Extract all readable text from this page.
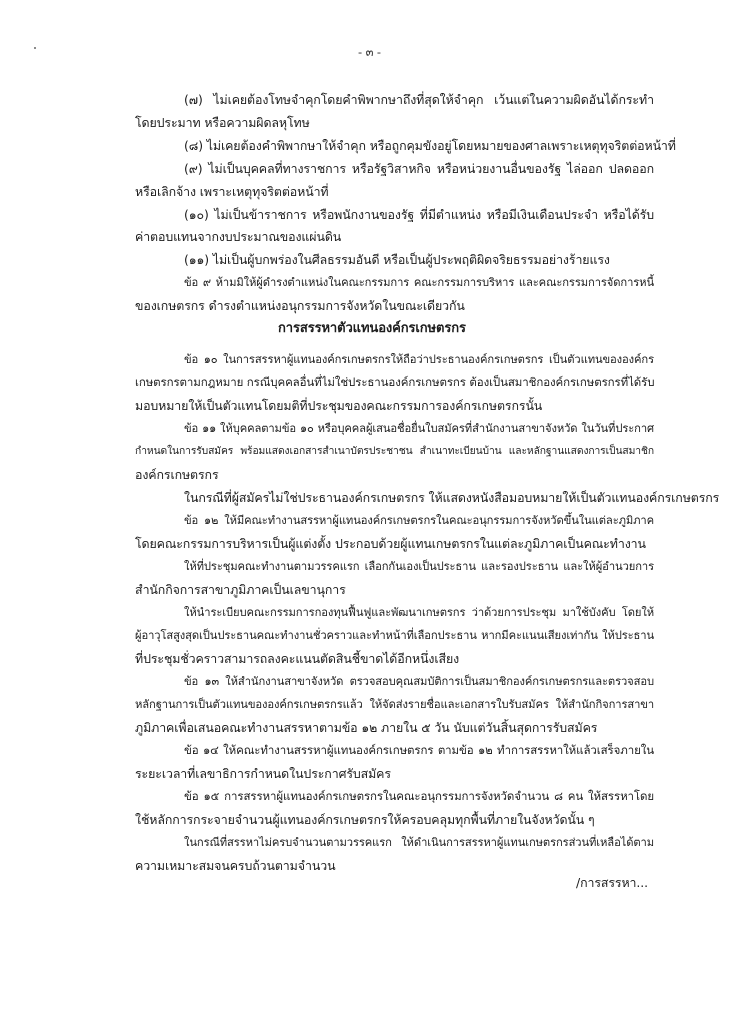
- ๓ -
(๗) ไม่เคยต้องโทษจำคุกโดยคำพิพากษาถึงที่สุดให้จำคุก เว้นแต่ในความผิดอันได้กระทำ
โดยประมาท หรือความผิดลหุโทษ
(๘) ไม่เคยต้องคำพิพากษาให้จำคุก หรือถูกคุมขังอยู่โดยหมายของศาลเพราะเหตุทุจริตต่อหน้าที่
(๙) ไม่เป็นบุคคลที่ทางราชการ หรือรัฐวิสาหกิจ หรือหน่วยงานอื่นของรัฐ ไล่ออก ปลดออก
หรือเลิกจ้าง เพราะเหตุทุจริตต่อหน้าที่
(๑๐) ไม่เป็นข้าราชการ หรือพนักงานของรัฐ ที่มีตำแหน่ง หรือมีเงินเดือนประจำ หรือได้รับ
ค่าตอบแทนจากงบประมาณของแผ่นดิน
(๑๑) ไม่เป็นผู้บกพร่องในศีลธรรมอันดี หรือเป็นผู้ประพฤติผิดจริยธรรมอย่างร้ายแรง
ข้อ ๙ ห้ามมิให้ผู้ดำรงตำแหน่งในคณะกรรมการ คณะกรรมการบริหาร และคณะกรรมการจัดการหนี้
ของเกษตรกร ดำรงตำแหน่งอนุกรรมการจังหวัดในขณะเดียวกัน
การสรรหาตัวแทนองค์กรเกษตรกร
ข้อ ๑๐ ในการสรรหาผู้แทนองค์กรเกษตรกรให้ถือว่าประธานองค์กรเกษตรกร เป็นตัวแทนขององค์กร
เกษตรกรตามกฎหมาย กรณีบุคคลอื่นที่ไม่ใช่ประธานองค์กรเกษตรกร ต้องเป็นสมาชิกองค์กรเกษตรกรที่ได้รับ
มอบหมายให้เป็นตัวแทนโดยมติที่ประชุมของคณะกรรมการองค์กรเกษตรกรนั้น
ข้อ ๑๑ ให้บุคคลตามข้อ ๑๐ หรือบุคคลผู้เสนอชื่อยื่นใบสมัครที่สำนักงานสาขาจังหวัด ในวันที่ประกาศ
กำหนดในการรับสมัคร พร้อมแสดงเอกสารสำเนาบัตรประชาชน สำเนาทะเบียนบ้าน และหลักฐานแสดงการเป็นสมาชิก
องค์กรเกษตรกร
ในกรณีที่ผู้สมัครไม่ใช่ประธานองค์กรเกษตรกร ให้แสดงหนังสือมอบหมายให้เป็นตัวแทนองค์กรเกษตรกร
ข้อ ๑๒ ให้มีคณะทำงานสรรหาผู้แทนองค์กรเกษตรกรในคณะอนุกรรมการจังหวัดขึ้นในแต่ละภูมิภาค
โดยคณะกรรมการบริหารเป็นผู้แต่งตั้ง ประกอบด้วยผู้แทนเกษตรกรในแต่ละภูมิภาคเป็นคณะทำงาน
ให้ที่ประชุมคณะทำงานตามวรรคแรก เลือกกันเองเป็นประธาน และรองประธาน และให้ผู้อำนวยการ
สำนักกิจการสาขาภูมิภาคเป็นเลขานุการ
ให้นำระเบียบคณะกรรมการกองทุนฟื้นฟูและพัฒนาเกษตรกร ว่าด้วยการประชุม มาใช้บังคับ โดยให้
ผู้อาวุโสสูงสุดเป็นประธานคณะทำงานชั่วคราวและทำหน้าที่เลือกประธาน หากมีคะแนนเสียงเท่ากัน ให้ประธาน
ที่ประชุมชั่วคราวสามารถลงคะแนนตัดสินชี้ขาดได้อีกหนึ่งเสียง
ข้อ ๑๓ ให้สำนักงานสาขาจังหวัด ตรวจสอบคุณสมบัติการเป็นสมาชิกองค์กรเกษตรกรและตรวจสอบ
หลักฐานการเป็นตัวแทนขององค์กรเกษตรกรแล้ว ให้จัดส่งรายชื่อและเอกสารใบรับสมัคร ให้สำนักกิจการสาขา
ภูมิภาคเพื่อเสนอคณะทำงานสรรหาตามข้อ ๑๒ ภายใน ๕ วัน นับแต่วันสิ้นสุดการรับสมัคร
ข้อ ๑๔ ให้คณะทำงานสรรหาผู้แทนองค์กรเกษตรกร ตามข้อ ๑๒ ทำการสรรหาให้แล้วเสร็จภายใน
ระยะเวลาที่เลขาธิการกำหนดในประกาศรับสมัคร
ข้อ ๑๕ การสรรหาผู้แทนองค์กรเกษตรกรในคณะอนุกรรมการจังหวัดจำนวน ๘ คน ให้สรรหาโดย
ใช้หลักการกระจายจำนวนผู้แทนองค์กรเกษตรกรให้ครอบคลุมทุกพื้นที่ภายในจังหวัดนั้น ๆ
ในกรณีที่สรรหาไม่ครบจำนวนตามวรรคแรก ให้ดำเนินการสรรหาผู้แทนเกษตรกรส่วนที่เหลือได้ตาม
ความเหมาะสมจนครบถ้วนตามจำนวน
/การสรรหา...
